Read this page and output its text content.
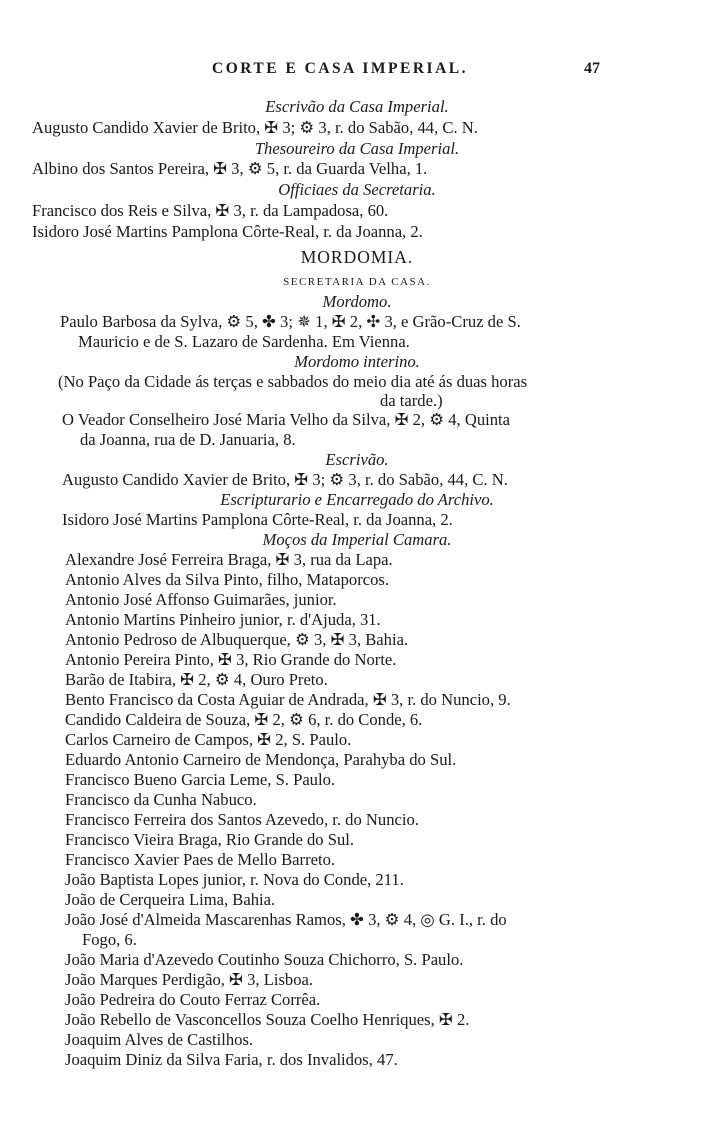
CORTE E CASA IMPERIAL.	47
Escrivão da Casa Imperial.
Augusto Candido Xavier de Brito, ✠ 3; ⚙ 3, r. do Sabão, 44, C. N.
Thesoureiro da Casa Imperial.
Albino dos Santos Pereira, ✠ 3, ⚙ 5, r. da Guarda Velha, 1.
Officiaes da Secretaria.
Francisco dos Reis e Silva, ✠ 3, r. da Lampadosa, 60.
Isidoro José Martins Pamplona Côrte-Real, r. da Joanna, 2.
MORDOMIA.
SECRETARIA DA CASA.
Mordomo.
Paulo Barbosa da Sylva, ⚙ 5, ✤ 3; ✵ 1, ✠ 2, ✣ 3, e Grão-Cruz de S.
Mauricio e de S. Lazaro de Sardenha. Em Vienna.
Mordomo interino.
(No Paço da Cidade ás terças e sabbados do meio dia até ás duas horas
da tarde.)
O Veador Conselheiro José Maria Velho da Silva, ✠ 2, ⚙ 4, Quinta
da Joanna, rua de D. Januaria, 8.
Escrivão.
Augusto Candido Xavier de Brito, ✠ 3; ⚙ 3, r. do Sabão, 44, C. N.
Escripturario e Encarregado do Archivo.
Isidoro José Martins Pamplona Côrte-Real, r. da Joanna, 2.
Moços da Imperial Camara.
Alexandre José Ferreira Braga, ✠ 3, rua da Lapa.
Antonio Alves da Silva Pinto, filho, Mataporcos.
Antonio José Affonso Guimarães, junior.
Antonio Martins Pinheiro junior, r. d'Ajuda, 31.
Antonio Pedroso de Albuquerque, ⚙ 3, ✠ 3, Bahia.
Antonio Pereira Pinto, ✠ 3, Rio Grande do Norte.
Barão de Itabira, ✠ 2, ⚙ 4, Ouro Preto.
Bento Francisco da Costa Aguiar de Andrada, ✠ 3, r. do Nuncio, 9.
Candido Caldeira de Souza, ✠ 2, ⚙ 6, r. do Conde, 6.
Carlos Carneiro de Campos, ✠ 2, S. Paulo.
Eduardo Antonio Carneiro de Mendonça, Parahyba do Sul.
Francisco Bueno Garcia Leme, S. Paulo.
Francisco da Cunha Nabuco.
Francisco Ferreira dos Santos Azevedo, r. do Nuncio.
Francisco Vieira Braga, Rio Grande do Sul.
Francisco Xavier Paes de Mello Barreto.
João Baptista Lopes junior, r. Nova do Conde, 211.
João de Cerqueira Lima, Bahia.
João José d'Almeida Mascarenhas Ramos, ✤ 3, ⚙ 4, ◎ G. I., r. do
Fogo, 6.
João Maria d'Azevedo Coutinho Souza Chichorro, S. Paulo.
João Marques Perdigão, ✠ 3, Lisboa.
João Pedreira do Couto Ferraz Corrêa.
João Rebello de Vasconcellos Souza Coelho Henriques, ✠ 2.
Joaquim Alves de Castilhos.
Joaquim Diniz da Silva Faria, r. dos Invalidos, 47.
